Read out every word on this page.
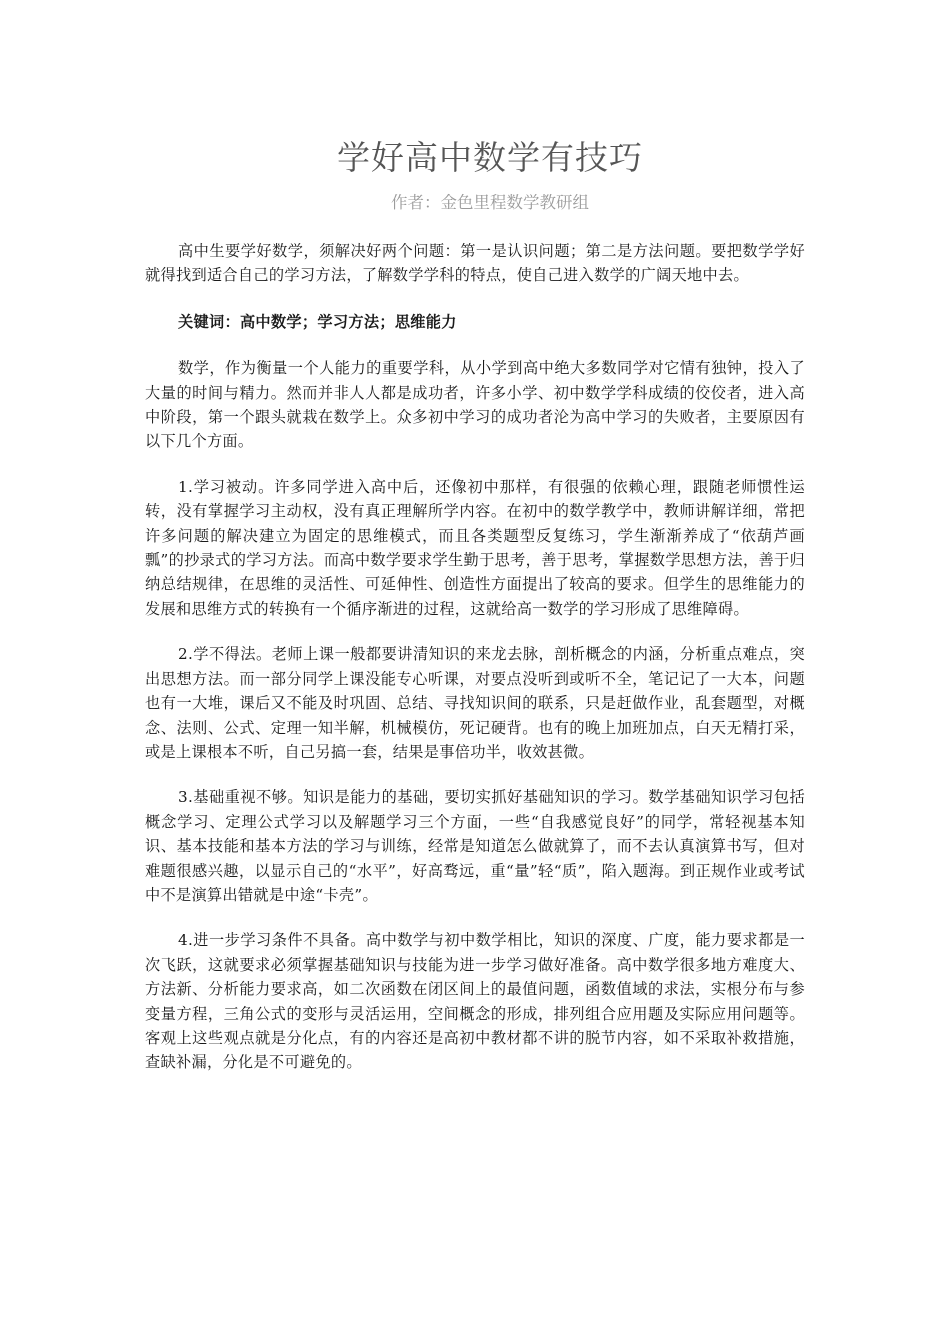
学好高中数学有技巧

作者：金色里程数学教研组

高中生要学好数学，须解决好两个问题：第一是认识问题；第二是方法问题。要把数学学好就得找到适合自己的学习方法，了解数学学科的特点，使自己进入数学的广阔天地中去。

关键词：高中数学；学习方法；思维能力

数学，作为衡量一个人能力的重要学科，从小学到高中绝大多数同学对它情有独钟，投入了大量的时间与精力。然而并非人人都是成功者，许多小学、初中数学学科成绩的佼佼者，进入高中阶段，第一个跟头就栽在数学上。众多初中学习的成功者沦为高中学习的失败者，主要原因有以下几个方面。

1.学习被动。许多同学进入高中后，还像初中那样，有很强的依赖心理，跟随老师惯性运转，没有掌握学习主动权，没有真正理解所学内容。在初中的数学教学中，教师讲解详细，常把许多问题的解决建立为固定的思维模式，而且各类题型反复练习，学生渐渐养成了“依葫芦画瓢”的抄录式的学习方法。而高中数学要求学生勤于思考，善于思考，掌握数学思想方法，善于归纳总结规律，在思维的灵活性、可延伸性、创造性方面提出了较高的要求。但学生的思维能力的发展和思维方式的转换有一个循序渐进的过程，这就给高一数学的学习形成了思维障碍。

2.学不得法。老师上课一般都要讲清知识的来龙去脉，剖析概念的内涵，分析重点难点，突出思想方法。而一部分同学上课没能专心听课，对要点没听到或听不全，笔记记了一大本，问题也有一大堆，课后又不能及时巩固、总结、寻找知识间的联系，只是赶做作业，乱套题型，对概念、法则、公式、定理一知半解，机械模仿，死记硬背。也有的晚上加班加点，白天无精打采，或是上课根本不听，自己另搞一套，结果是事倍功半，收效甚微。

3.基础重视不够。知识是能力的基础，要切实抓好基础知识的学习。数学基础知识学习包括概念学习、定理公式学习以及解题学习三个方面，一些“自我感觉良好”的同学，常轻视基本知识、基本技能和基本方法的学习与训练，经常是知道怎么做就算了，而不去认真演算书写，但对难题很感兴趣，以显示自己的“水平”，好高骛远，重“量”轻“质”，陷入题海。到正规作业或考试中不是演算出错就是中途“卡壳”。

4.进一步学习条件不具备。高中数学与初中数学相比，知识的深度、广度，能力要求都是一次飞跃，这就要求必须掌握基础知识与技能为进一步学习做好准备。高中数学很多地方难度大、方法新、分析能力要求高，如二次函数在闭区间上的最值问题，函数值域的求法，实根分布与参变量方程，三角公式的变形与灵活运用，空间概念的形成，排列组合应用题及实际应用问题等。客观上这些观点就是分化点，有的内容还是高初中教材都不讲的脱节内容，如不采取补救措施，查缺补漏，分化是不可避免的。
